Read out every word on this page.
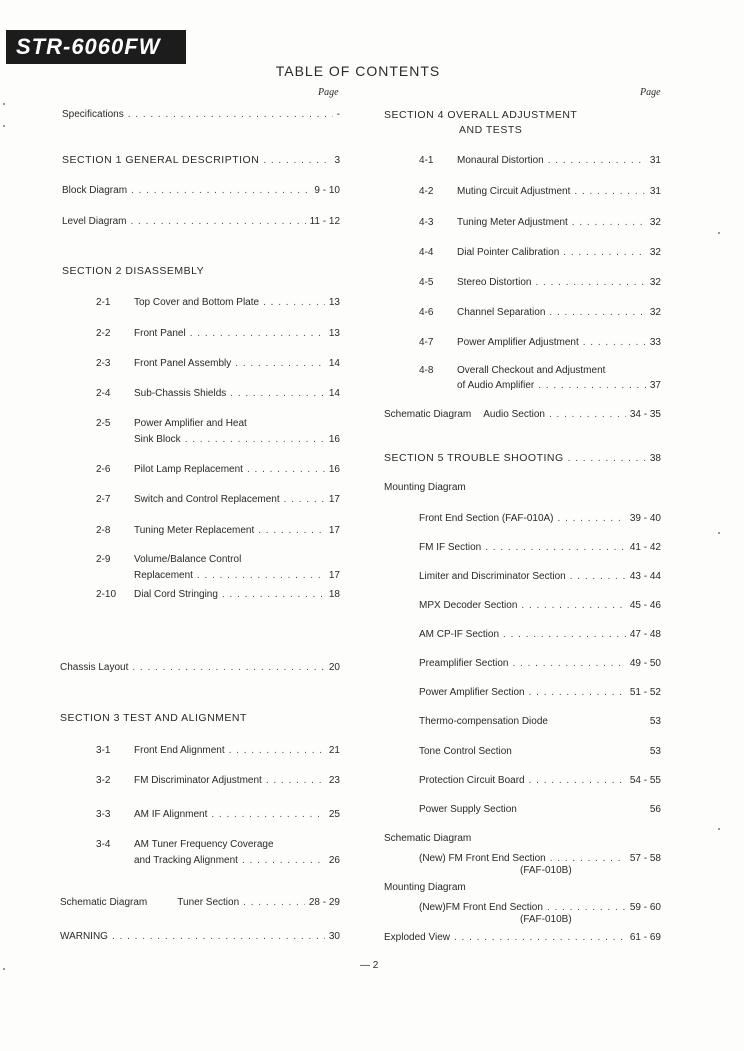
STR-6060FW
TABLE OF CONTENTS
Page	Page
Specifications . . .	-
SECTION 1 GENERAL DESCRIPTION . . .	3
Block Diagram . . .	9 - 10
Level Diagram . . .	11 - 12
SECTION 2 DISASSEMBLY
2-1	Top Cover and Bottom Plate . . .	13
2-2	Front Panel . . .	13
2-3	Front Panel Assembly . . .	14
2-4	Sub-Chassis Shields . . .	14
2-5 Power Amplifier and Heat
Sink Block . . .	16
2-6	Pilot Lamp Replacement . . .	16
2-7	Switch and Control Replacement . . .	17
2-8	Tuning Meter Replacement . . .	17
2-9 Volume/Balance Control
Replacement . . .	17
2-10	Dial Cord Stringing . . .	18
Chassis Layout . . .	20
SECTION 3 TEST AND ALIGNMENT
3-1	Front End Alignment . . .	21
3-2	FM Discriminator Adjustment . . .	23
3-3	AM IF Alignment . . .	25
3-4 AM Tuner Frequency Coverage
and Tracking Alignment . . .	26
Schematic Diagram	Tuner Section . . .	28 - 29
WARNING . . .	30
SECTION 4 OVERALL ADJUSTMENT
AND TESTS
4-1	Monaural Distortion . . .	31
4-2	Muting Circuit Adjustment . . .	31
4-3	Tuning Meter Adjustment . . .	32
4-4	Dial Pointer Calibration . . .	32
4-5	Stereo Distortion . . .	32
4-6	Channel Separation . . .	32
4-7	Power Amplifier Adjustment . . .	33
4-8 Overall Checkout and Adjustment
of Audio Amplifier . . .	37
Schematic Diagram Audio Section . . .	34 - 35
SECTION 5 TROUBLE SHOOTING . . .	38
Mounting Diagram
Front End Section (FAF-010A) . . .	39 - 40
FM IF Section . . .	41 - 42
Limiter and Discriminator Section . . .	43 - 44
MPX Decoder Section . . .	45 - 46
AM CP-IF Section . . .	47 - 48
Preamplifier Section . . .	49 - 50
Power Amplifier Section . . .	51 - 52
Thermo-compensation Diode	53
Tone Control Section	53
Protection Circuit Board . . .	54 - 55
Power Supply Section	56
Schematic Diagram
(New) FM Front End Section . . .	57 - 58
(FAF-010B)
Mounting Diagram
(New)FM Front End Section . . .	59 - 60
(FAF-010B)
Exploded View . . .	61 - 69
— 2
